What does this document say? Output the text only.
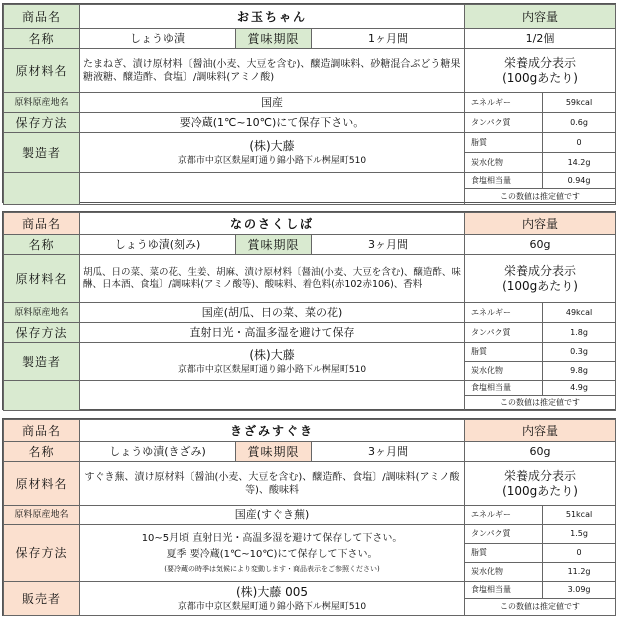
商品名	お玉ちゃん			内容量	
名称	しょうゆ漬	賞味期限	1ヶ月間	1/2個	
原材料名	たまねぎ、漬け原材料〔醤油(小麦、大豆を含む)、醸造調味料、砂糖混合ぶどう糖果糖液糖、醸造酢、食塩〕/調味料(アミノ酸)			栄養成分表示
(100gあたり)	

原料原産地名	国産			エネルギー	59kcal
保存方法	要冷蔵(1℃~10℃)にて保存下さい。			タンパク質	0.6g
製造者	(株)大藤
京都市中京区麩屋町通り錦小路下ル桝屋町510			脂質	0
				炭水化物	14.2g
				食塩相当量	0.94g
				この数値は推定値です	
商品名	なのさくしば			内容量	
名称	しょうゆ漬(刻み)	賞味期限	3ヶ月間	60g	
原材料名	胡瓜、日の菜、菜の花、生姜、胡麻、漬け原材料〔醤油(小麦、大豆を含む)、醸造酢、味醂、日本酒、食塩〕/調味料(アミノ酸等)、酸味料、着色料(赤102赤106)、香料			栄養成分表示
(100gあたり)	

原料原産地名	国産(胡瓜、日の菜、菜の花)			エネルギー	49kcal
保存方法	直射日光・高温多湿を避けて保存			タンパク質	1.8g
製造者	(株)大藤
京都市中京区麩屋町通り錦小路下ル桝屋町510			脂質	0.3g
				炭水化物	9.8g
				食塩相当量	4.9g
				この数値は推定値です	
商品名	きざみすぐき			内容量	
名称	しょうゆ漬(きざみ)	賞味期限	3ヶ月間	60g	
原材料名	すぐき蕪、漬け原材料〔醤油(小麦、大豆を含む)、醸造酢、食塩〕/調味料(アミノ酸等)、酸味料			栄養成分表示
(100gあたり)	

原料原産地名	国産(すぐき蕪)			エネルギー	51kcal
保存方法	10~5月頃 直射日光・高温多湿を避けて保存して下さい。
夏季 要冷蔵(1℃~10℃)にて保存して下さい。
(要冷蔵の時季は気候により変動します・商品表示をご参照ください)			タンパク質	1.5g
				脂質	0
				炭水化物	11.2g
販売者	(株)大藤 005
京都市中京区麩屋町通り錦小路下ル桝屋町510			食塩相当量	3.09g
				この数値は推定値です	
